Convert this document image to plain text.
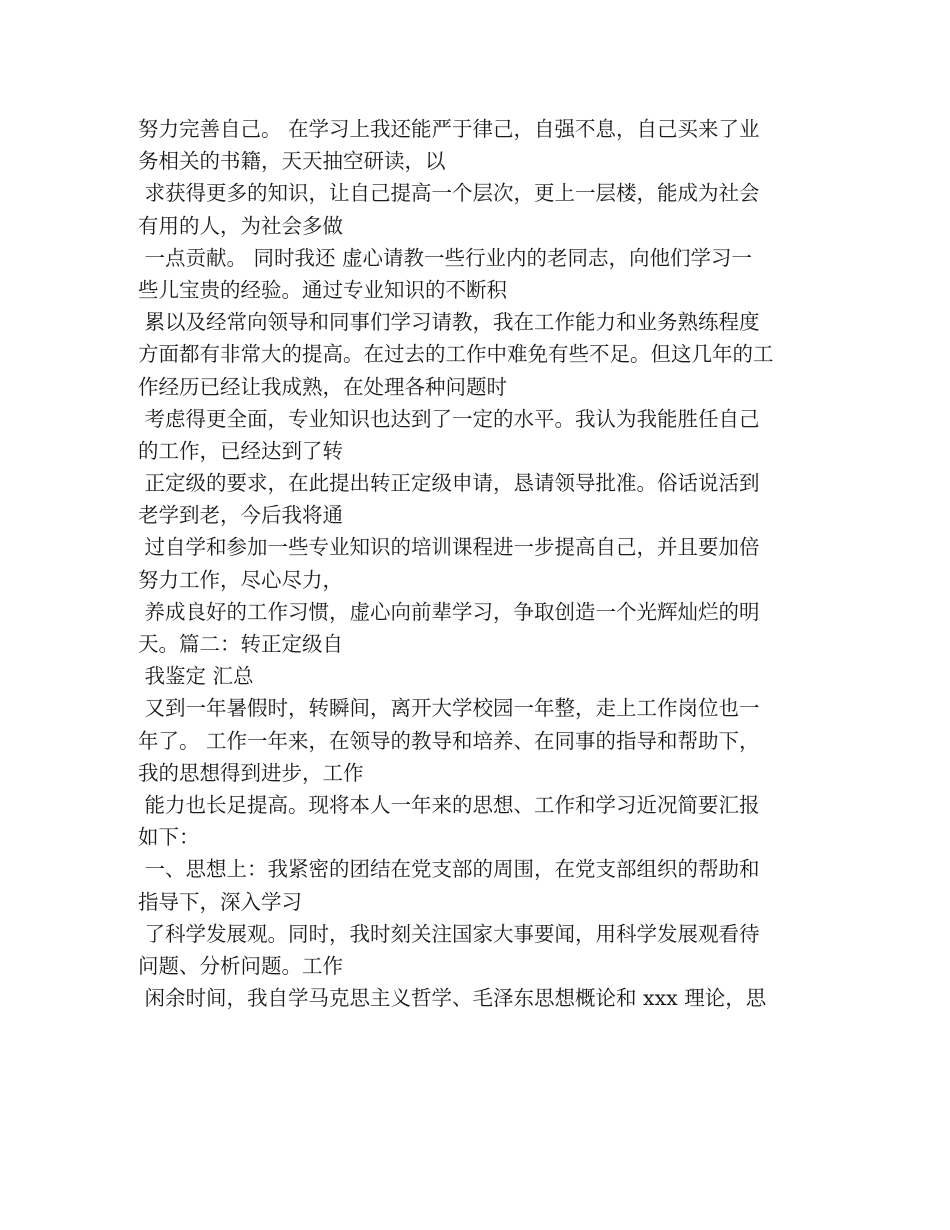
努力完善自己。 在学习上我还能严于律己，自强不息，自己买来了业
务相关的书籍，天天抽空研读，以
求获得更多的知识，让自己提高一个层次，更上一层楼，能成为社会
有用的人，为社会多做
一点贡献。 同时我还 虚心请教一些行业内的老同志，向他们学习一
些儿宝贵的经验。通过专业知识的不断积
累以及经常向领导和同事们学习请教，我在工作能力和业务熟练程度
方面都有非常大的提高。在过去的工作中难免有些不足。但这几年的工
作经历已经让我成熟，在处理各种问题时
考虑得更全面，专业知识也达到了一定的水平。我认为我能胜任自己
的工作，已经达到了转
正定级的要求，在此提出转正定级申请，恳请领导批准。俗话说活到
老学到老，今后我将通
过自学和参加一些专业知识的培训课程进一步提高自己，并且要加倍
努力工作，尽心尽力，
养成良好的工作习惯，虚心向前辈学习，争取创造一个光辉灿烂的明
天。篇二：转正定级自
我鉴定 汇总
又到一年暑假时，转瞬间，离开大学校园一年整，走上工作岗位也一
年了。 工作一年来，在领导的教导和培养、在同事的指导和帮助下，
我的思想得到进步，工作
能力也长足提高。现将本人一年来的思想、工作和学习近况简要汇报
如下：
一、思想上：我紧密的团结在党支部的周围，在党支部组织的帮助和
指导下，深入学习
了科学发展观。同时，我时刻关注国家大事要闻，用科学发展观看待
问题、分析问题。工作
闲余时间，我自学马克思主义哲学、毛泽东思想概论和 xxx 理论，思
